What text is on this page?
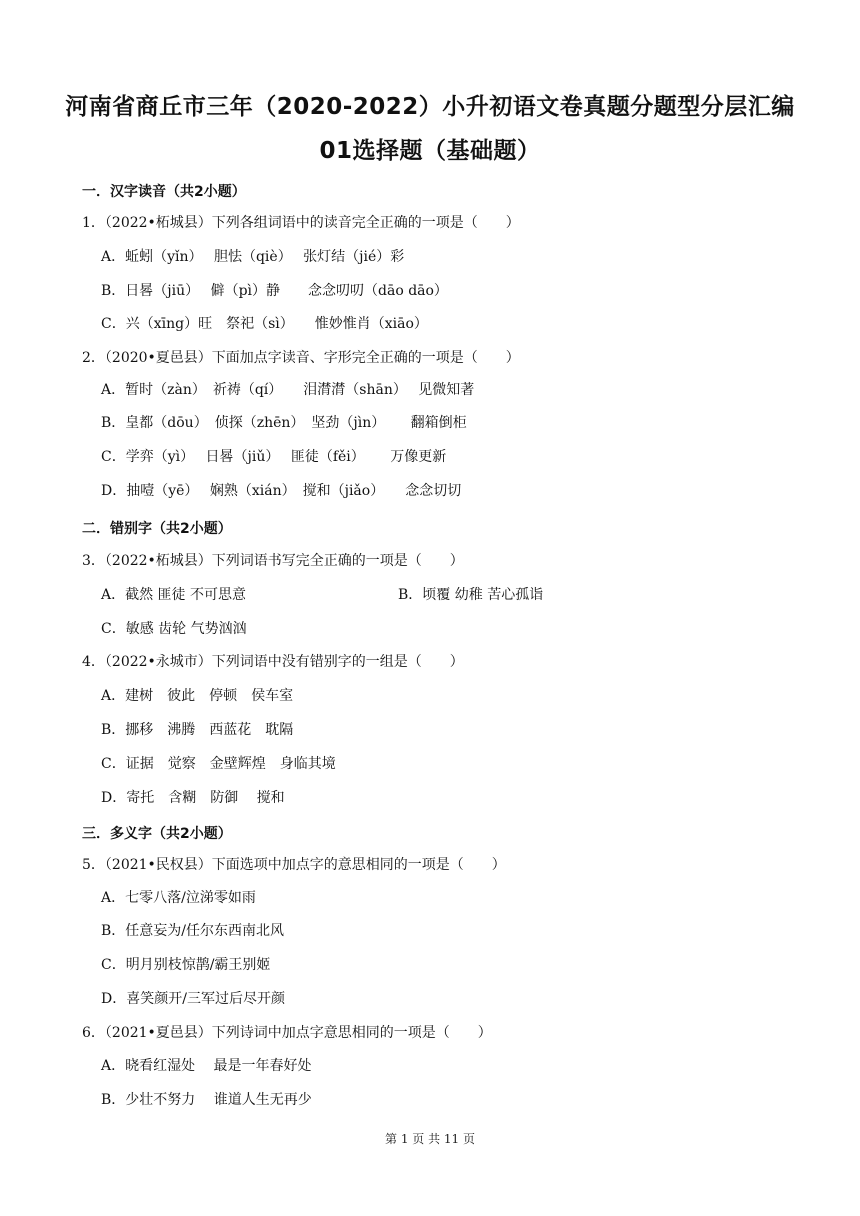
河南省商丘市三年（2020-2022）小升初语文卷真题分题型分层汇编
01选择题（基础题）
一．汉字读音（共2小题）
1．（2022•柘城县）下列各组词语中的读音完全正确的一项是（　　）
A．蚯蚓（yǐn）　 胆怯（qiè）　 张灯结（jié）彩
B．日晷（jiū）　 僻（pì）静　　念念叨叨（dāo dāo）
C．兴（xīng）旺　祭祀（sì）　　惟妙惟肖（xiāo）
2．（2020•夏邑县）下面加点字读音、字形完全正确的一项是（　　）
A．暂时（zàn）　祈祷（qí）　　泪潸潸（shān）　 见微知著
B．皇都（dōu）　侦探（zhēn）　坚劲（jìn）　　 翻箱倒柜
C．学弈（yì）　 日晷（jiǔ）　 匪徒（fěi）　　 万像更新
D．抽噎（yē）　 娴熟（xián）　搅和（jiǎo）　　念念切切
二．错别字（共2小题）
3．（2022•柘城县）下列词语书写完全正确的一项是（　　）
A．截然 匪徒 不可思意	B．顷覆 幼稚 苦心孤诣
C．敏感 齿轮 气势汹汹
4．（2022•永城市）下列词语中没有错别字的一组是（　　）
A．建树　彼此　停顿　侯车室
B．挪移　沸腾　西蓝花　耽隔
C．证据　觉察　金壁辉煌　身临其境
D．寄托　含糊　防御　 搅和
三．多义字（共2小题）
5．（2021•民权县）下面选项中加点字的意思相同的一项是（　　）
A．七零八落/泣涕零如雨
B．任意妄为/任尔东西南北风
C．明月别枝惊鹊/霸王别姬
D．喜笑颜开/三军过后尽开颜
6．（2021•夏邑县）下列诗词中加点字意思相同的一项是（　　）
A．晓看红湿处　 最是一年春好处
B．少壮不努力　 谁道人生无再少
第 1 页 共 11 页
